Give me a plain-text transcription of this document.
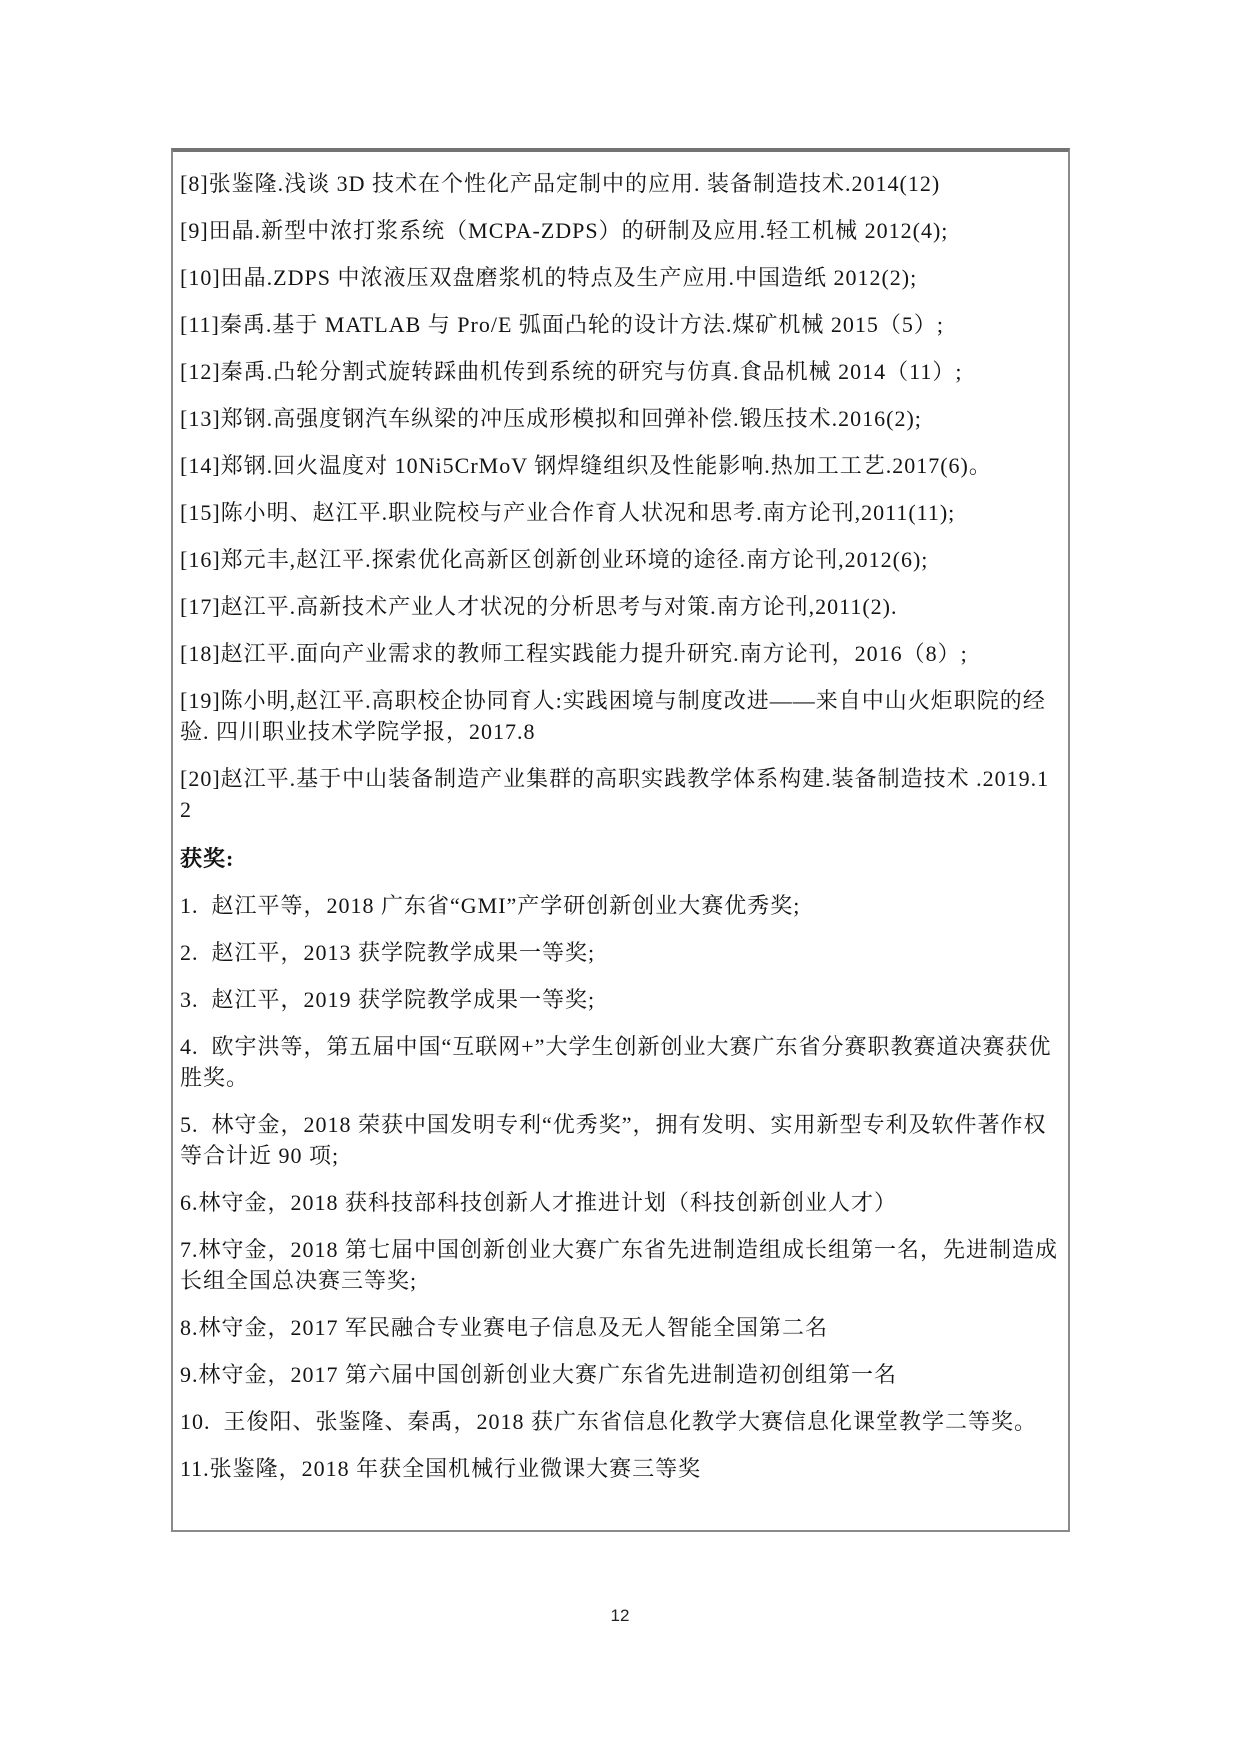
[8]张鉴隆.浅谈 3D 技术在个性化产品定制中的应用. 装备制造技术.2014(12)

[9]田晶.新型中浓打浆系统（MCPA-ZDPS）的研制及应用.轻工机械 2012(4);

[10]田晶.ZDPS 中浓液压双盘磨浆机的特点及生产应用.中国造纸 2012(2);

[11]秦禹.基于 MATLAB 与 Pro/E 弧面凸轮的设计方法.煤矿机械 2015（5）;

[12]秦禹.凸轮分割式旋转踩曲机传到系统的研究与仿真.食品机械 2014（11）;

[13]郑钢.高强度钢汽车纵梁的冲压成形模拟和回弹补偿.锻压技术.2016(2);

[14]郑钢.回火温度对 10Ni5CrMoV 钢焊缝组织及性能影响.热加工工艺.2017(6)。

[15]陈小明、赵江平.职业院校与产业合作育人状况和思考.南方论刊,2011(11);

[16]郑元丰,赵江平.探索优化高新区创新创业环境的途径.南方论刊,2012(6);

[17]赵江平.高新技术产业人才状况的分析思考与对策.南方论刊,2011(2).

[18]赵江平.面向产业需求的教师工程实践能力提升研究.南方论刊，2016（8）;

[19]陈小明,赵江平.高职校企协同育人:实践困境与制度改进——来自中山火炬职院的经验. 四川职业技术学院学报，2017.8

[20]赵江平.基于中山装备制造产业集群的高职实践教学体系构建.装备制造技术 .2019.12

获奖:

1.  赵江平等，2018 广东省“GMI”产学研创新创业大赛优秀奖;

2.  赵江平，2013 获学院教学成果一等奖;

3.  赵江平，2019 获学院教学成果一等奖;

4.  欧宇洪等，第五届中国“互联网+”大学生创新创业大赛广东省分赛职教赛道决赛获优胜奖。

5.  林守金，2018 荣获中国发明专利“优秀奖”，拥有发明、实用新型专利及软件著作权等合计近 90 项;

6.林守金，2018 获科技部科技创新人才推进计划（科技创新创业人才）

7.林守金，2018 第七届中国创新创业大赛广东省先进制造组成长组第一名，先进制造成长组全国总决赛三等奖;

8.林守金，2017 军民融合专业赛电子信息及无人智能全国第二名

9.林守金，2017 第六届中国创新创业大赛广东省先进制造初创组第一名

10.  王俊阳、张鉴隆、秦禹，2018 获广东省信息化教学大赛信息化课堂教学二等奖。

11.张鉴隆，2018 年获全国机械行业微课大赛三等奖

12
